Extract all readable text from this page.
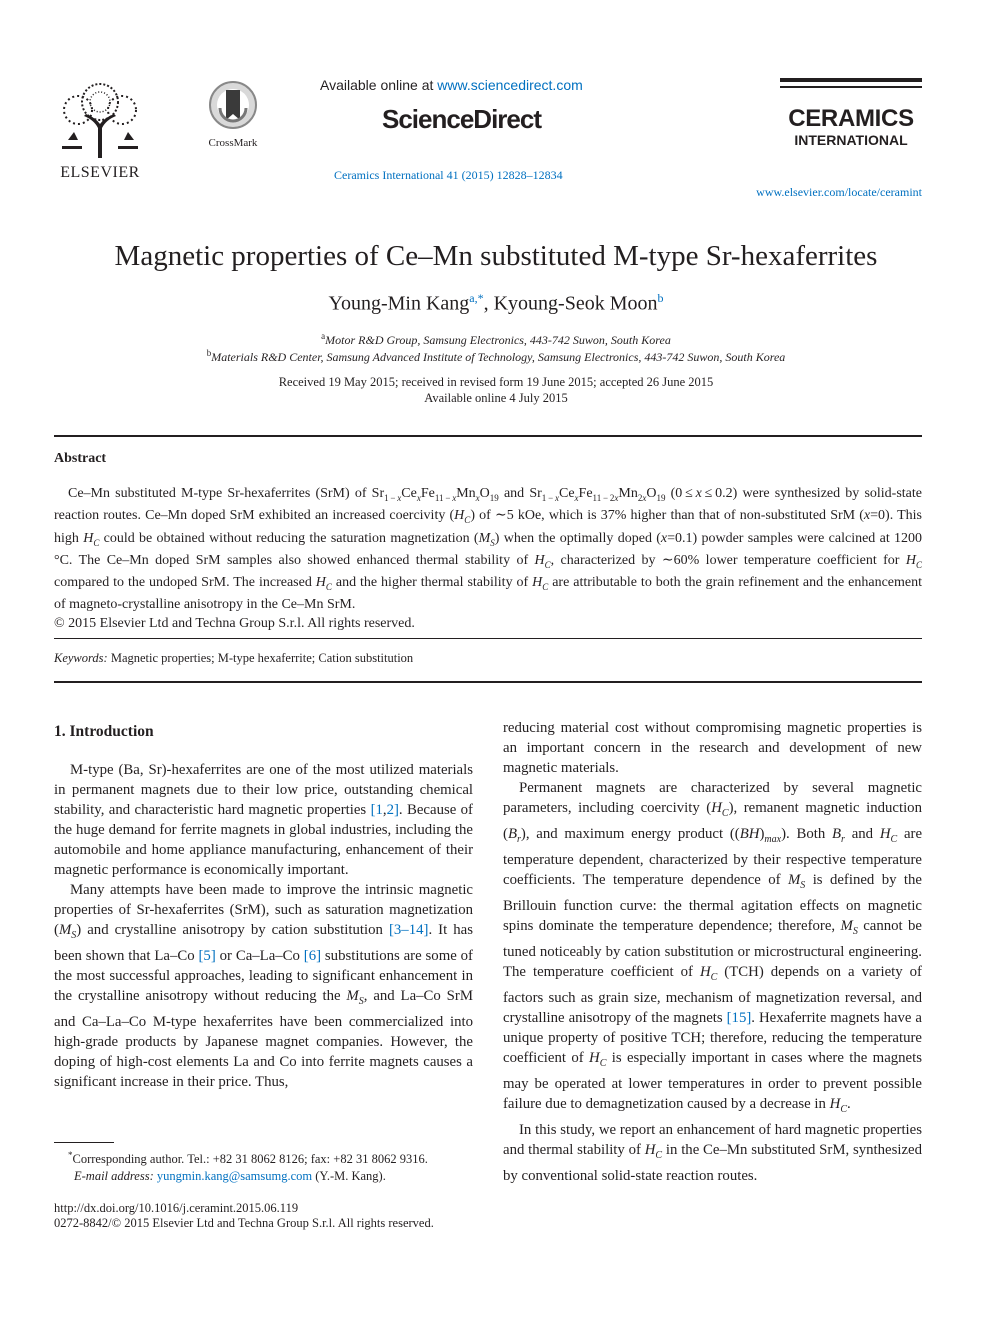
ELSEVIER
CrossMark
Available online at www.sciencedirect.com
ScienceDirect
Ceramics International 41 (2015) 12828–12834
CERAMICS
INTERNATIONAL
www.elsevier.com/locate/ceramint
Magnetic properties of Ce–Mn substituted M-type Sr-hexaferrites
Young-Min Kang$^{a,*}$, Kyoung-Seok Moon$^b$
$^a$Motor R&D Group, Samsung Electronics, 443-742 Suwon, South Korea
$^b$Materials R&D Center, Samsung Advanced Institute of Technology, Samsung Electronics, 443-742 Suwon, South Korea
Received 19 May 2015; received in revised form 19 June 2015; accepted 26 June 2015
Available online 4 July 2015
Abstract

Ce–Mn substituted M-type Sr-hexaferrites (SrM) of $Sr_{1 - x}Ce_xFe_{11 - x}Mn_xO_{19}$ and $Sr_{1 - x}Ce_xFe_{11 - 2x}Mn_{2x}O_{19}$ (0 ≤ x ≤ 0.2) were synthesized by solid-state reaction routes. Ce–Mn doped SrM exhibited an increased coercivity $(H_C)$ of ∼5 kOe, which is 37% higher than that of non-substituted SrM (x=0). This high $H_C$ could be obtained without reducing the saturation magnetization $(M_S)$ when the optimally doped (x=0.1) powder samples were calcined at 1200 °C. The Ce–Mn doped SrM samples also showed enhanced thermal stability of $H_C$, characterized by ∼60% lower temperature coefficient for $H_C$ compared to the undoped SrM. The increased $H_C$ and the higher thermal stability of $H_C$ are attributable to both the grain refinement and the enhancement of magneto-crystalline anisotropy in the Ce–Mn SrM.

© 2015 Elsevier Ltd and Techna Group S.r.l. All rights reserved.

Keywords: Magnetic properties; M-type hexaferrite; Cation substitution
1. Introduction

M-type (Ba, Sr)-hexaferrites are one of the most utilized materials in permanent magnets due to their low price, outstanding chemical stability, and characteristic hard magnetic properties [1,2]. Because of the huge demand for ferrite magnets in global industries, including the automobile and home appliance manufacturing, enhancement of their magnetic performance is economically important.

Many attempts have been made to improve the intrinsic magnetic properties of Sr-hexaferrites (SrM), such as saturation magnetization $(M_S)$ and crystalline anisotropy by cation substitution [3–14]. It has been shown that La–Co [5] or Ca–La–Co [6] substitutions are some of the most successful approaches, leading to significant enhancement in the crystalline anisotropy without reducing the $M_S$, and La–Co SrM and Ca–La–Co M-type hexaferrites have been commercialized into high-grade products by Japanese magnet companies. However, the doping of high-cost elements La and Co into ferrite magnets causes a significant increase in their price. Thus,

reducing material cost without compromising magnetic properties is an important concern in the research and development of new magnetic materials.

Permanent magnets are characterized by several magnetic parameters, including coercivity $(H_C)$, remanent magnetic induction $(B_r)$, and maximum energy product $((BH)_{max})$. Both $B_r$ and $H_C$ are temperature dependent, characterized by their respective temperature coefficients. The temperature dependence of $M_S$ is defined by the Brillouin function curve: the thermal agitation effects on magnetic spins dominate the temperature dependence; therefore, $M_S$ cannot be tuned noticeably by cation substitution or microstructural engineering. The temperature coefficient of $H_C$ (TCH) depends on a variety of factors such as grain size, mechanism of magnetization reversal, and crystalline anisotropy of the magnets [15]. Hexaferrite magnets have a unique property of positive TCH; therefore, reducing the temperature coefficient of $H_C$ is especially important in cases where the magnets may be operated at lower temperatures in order to prevent possible failure due to demagnetization caused by a decrease in $H_C$.

In this study, we report an enhancement of hard magnetic properties and thermal stability of $H_C$ in the Ce–Mn substituted SrM, synthesized by conventional solid-state reaction routes.

*Corresponding author. Tel.: +82 31 8062 8126; fax: +82 31 8062 9316.
E-mail address: yungmin.kang@samsumg.com (Y.-M. Kang).
http://dx.doi.org/10.1016/j.ceramint.2015.06.119
0272-8842/© 2015 Elsevier Ltd and Techna Group S.r.l. All rights reserved.
